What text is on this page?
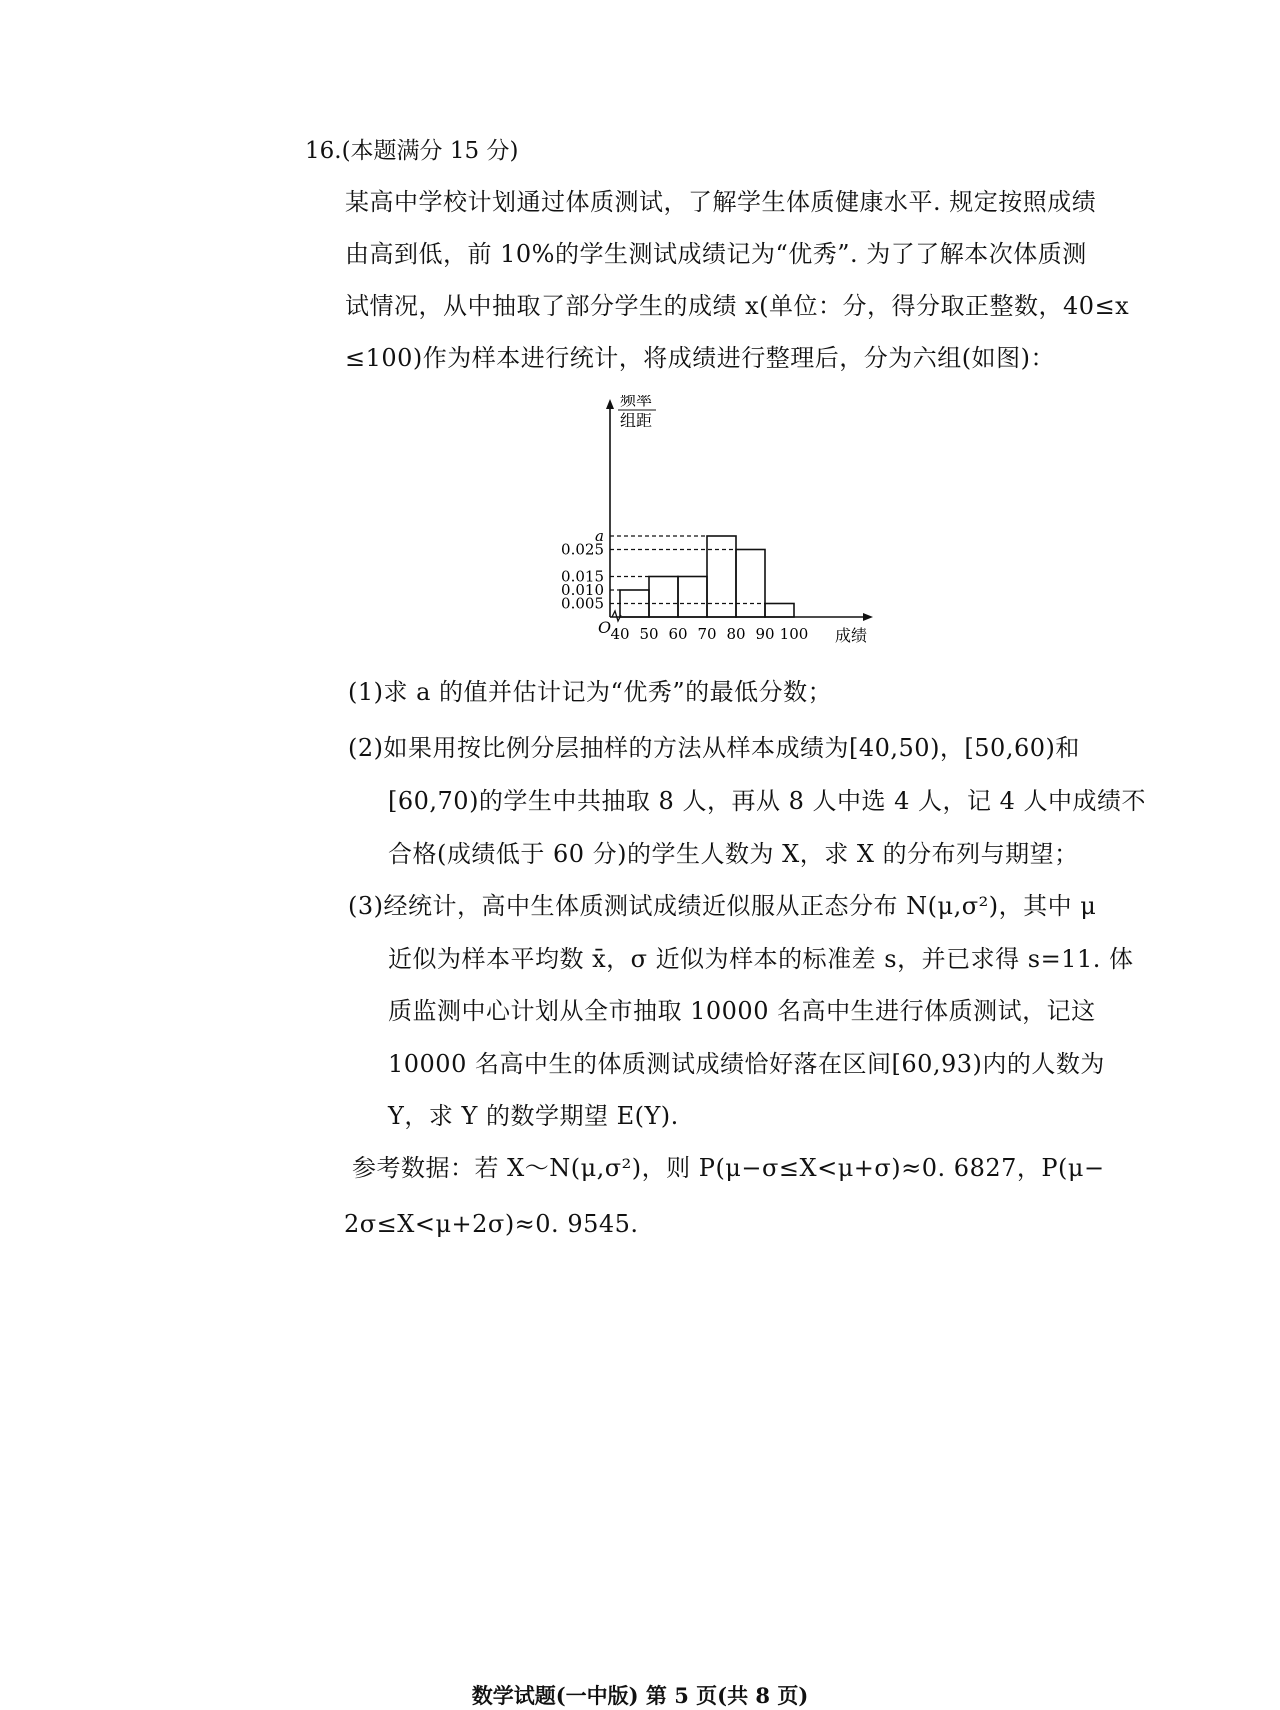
16.(本题满分 15 分)
某高中学校计划通过体质测试，了解学生体质健康水平. 规定按照成绩
由高到低，前 10%的学生测试成绩记为“优秀”. 为了了解本次体质测
试情况，从中抽取了部分学生的成绩 x(单位：分，得分取正整数，40≤x
≤100)作为样本进行统计，将成绩进行整理后，分为六组(如图)：
0.005
0.010
0.015
0.025
a
频率
组距
40 50 60 70 80 90 100
O	成绩
(1)求 a 的值并估计记为“优秀”的最低分数；
(2)如果用按比例分层抽样的方法从样本成绩为[40,50)，[50,60)和
[60,70)的学生中共抽取 8 人，再从 8 人中选 4 人，记 4 人中成绩不
合格(成绩低于 60 分)的学生人数为 X，求 X 的分布列与期望；
(3)经统计，高中生体质测试成绩近似服从正态分布 N(μ,σ²)，其中 μ
近似为样本平均数 x̄，σ 近似为样本的标准差 s，并已求得 s=11. 体
质监测中心计划从全市抽取 10000 名高中生进行体质测试，记这
10000 名高中生的体质测试成绩恰好落在区间[60,93)内的人数为
Y，求 Y 的数学期望 E(Y).
参考数据：若 X～N(μ,σ²)，则 P(μ−σ≤X<μ+σ)≈0. 6827，P(μ−
2σ≤X<μ+2σ)≈0. 9545.
数学试题(一中版) 第 5 页(共 8 页)
